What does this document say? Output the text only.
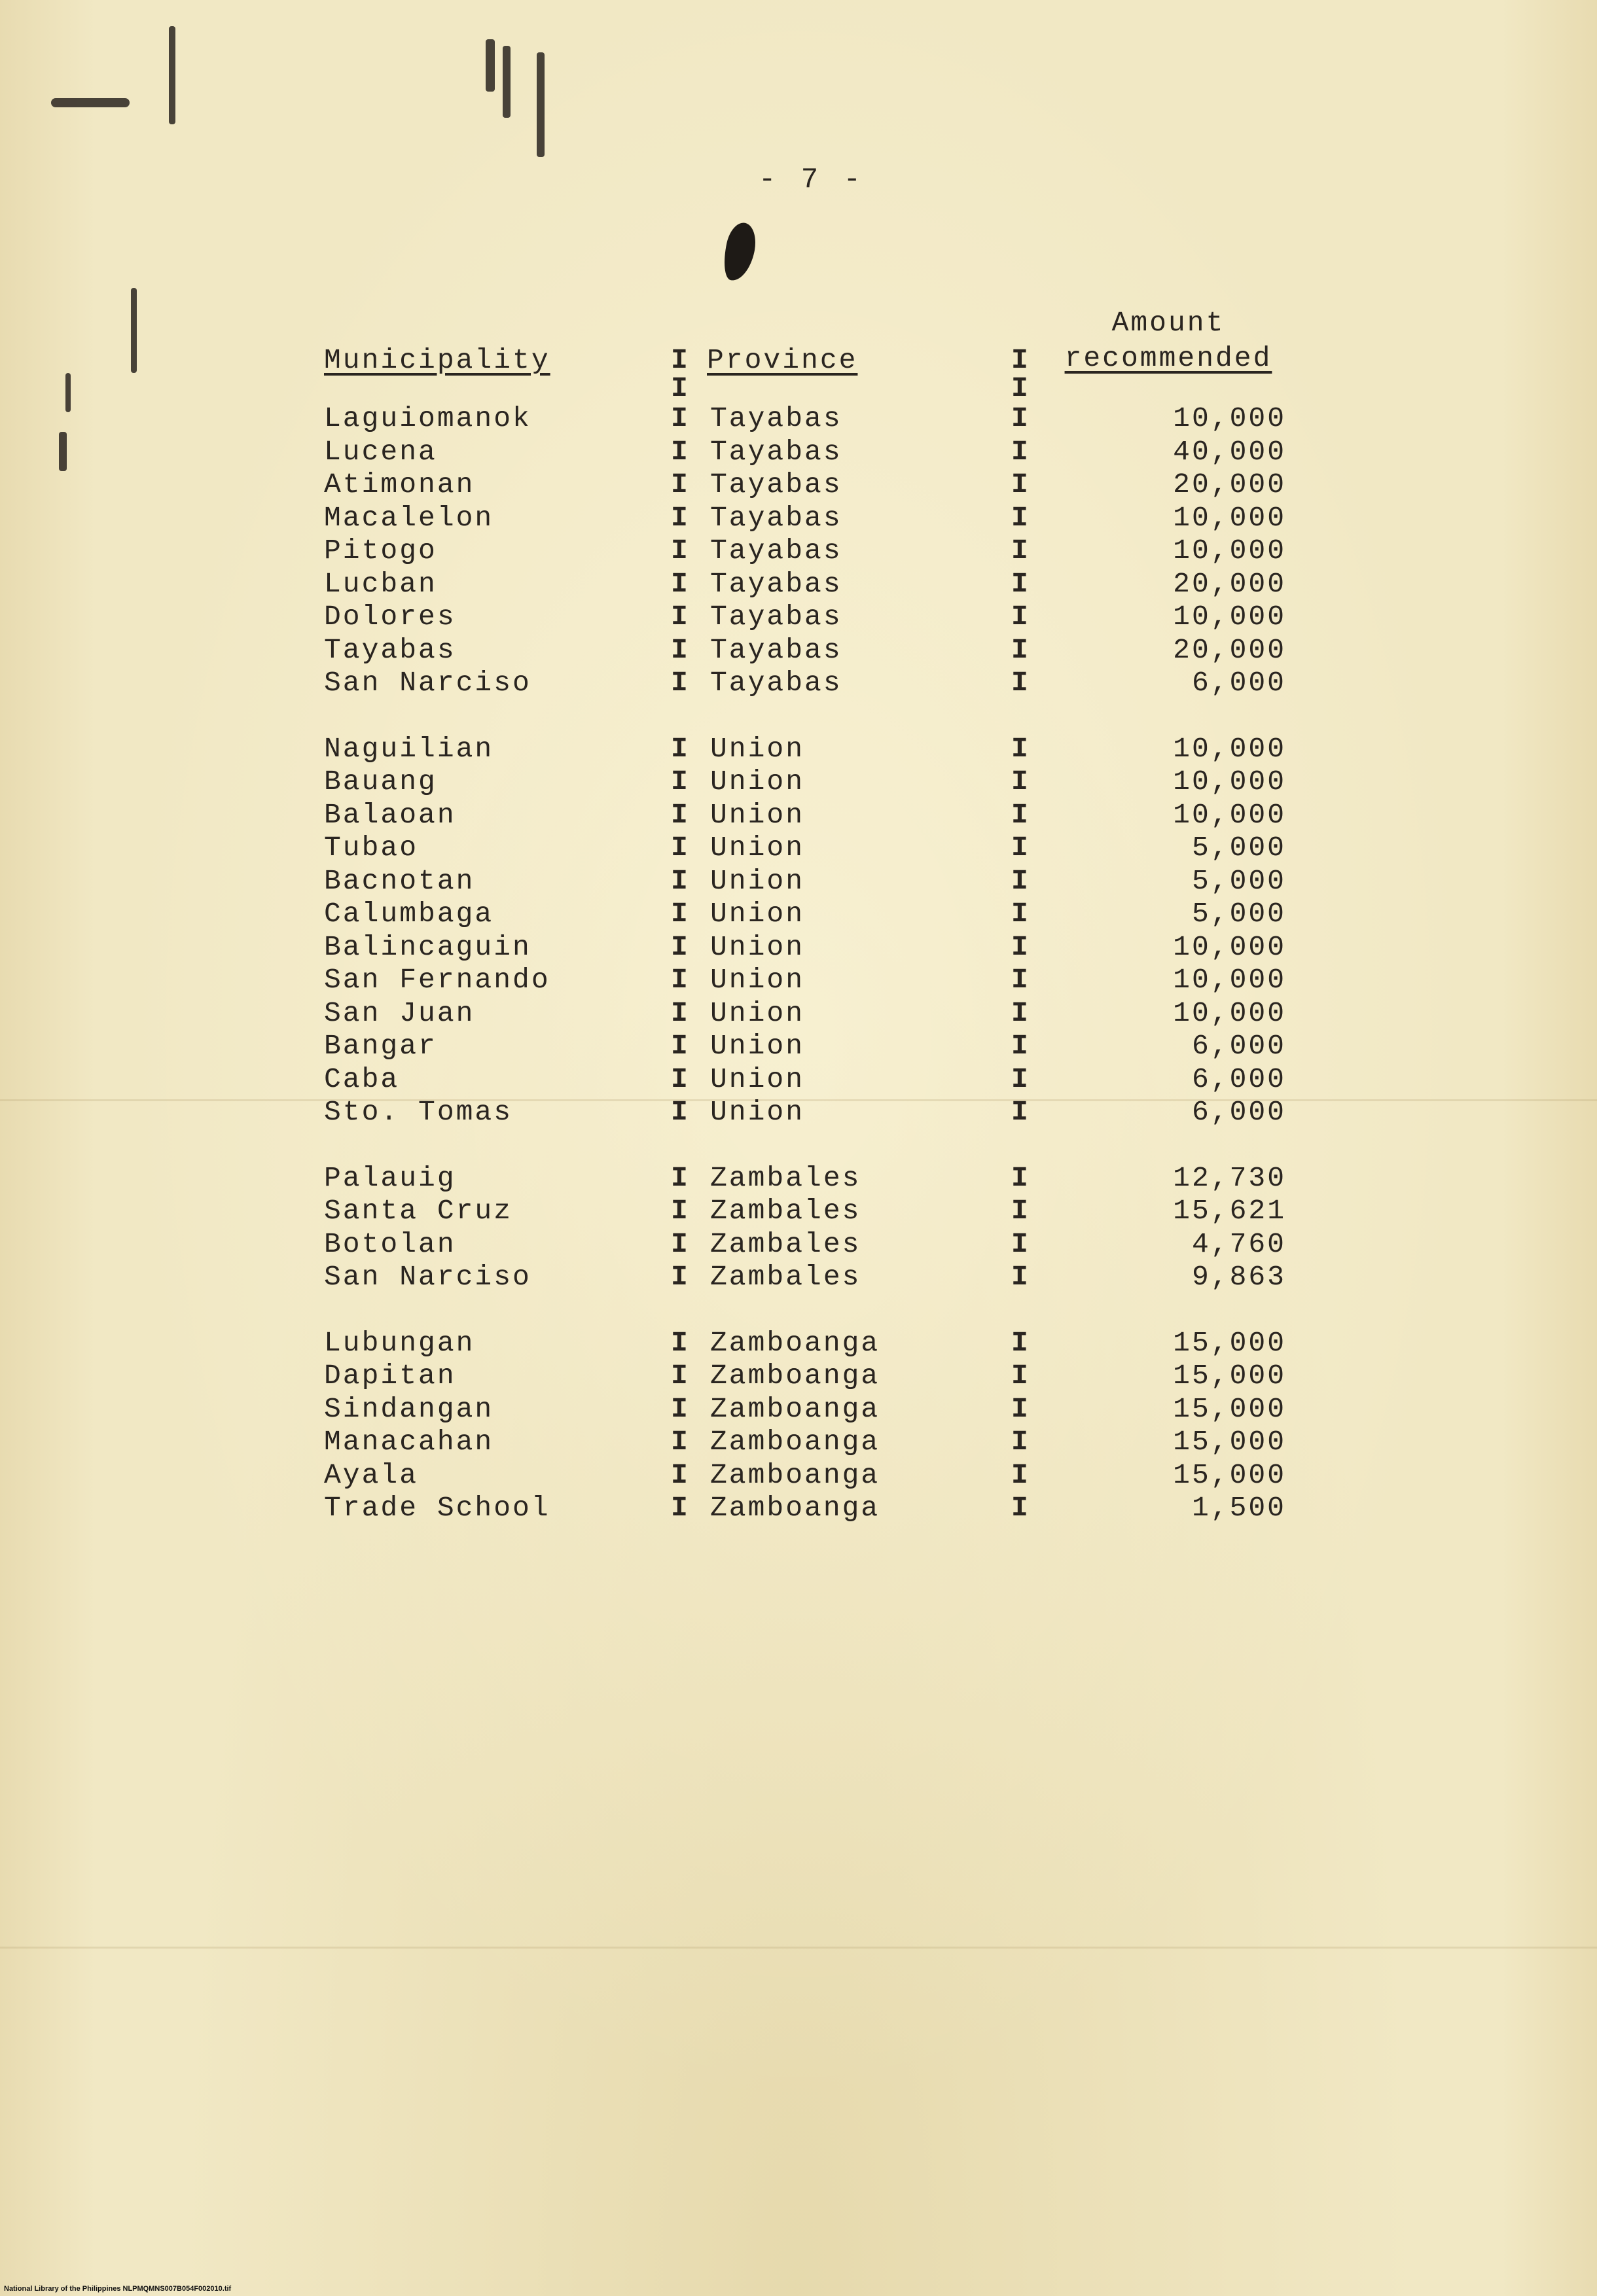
- 7 -
Municipality	I Province	I
Amount
recommended
I	I
Laguiomanok	I Tayabas	I	10,000
Lucena	I Tayabas	I	40,000
Atimonan	I Tayabas	I	20,000
Macalelon	I Tayabas	I	10,000
Pitogo	I Tayabas	I	10,000
Lucban	I Tayabas	I	20,000
Dolores	I Tayabas	I	10,000
Tayabas	I Tayabas	I	20,000
San Narciso	I Tayabas	I	6,000
Naguilian	I Union	I	10,000
Bauang	I Union	I	10,000
Balaoan	I Union	I	10,000
Tubao	I Union	I	5,000
Bacnotan	I Union	I	5,000
Calumbaga	I Union	I	5,000
Balincaguin	I Union	I	10,000
San Fernando	I Union	I	10,000
San Juan	I Union	I	10,000
Bangar	I Union	I	6,000
Caba	I Union	I	6,000
Sto. Tomas	I Union	I	6,000
Palauig	I Zambales	I	12,730
Santa Cruz	I Zambales	I	15,621
Botolan	I Zambales	I	4,760
San Narciso	I Zambales	I	9,863
Lubungan	I Zamboanga	I	15,000
Dapitan	I Zamboanga	I	15,000
Sindangan	I Zamboanga	I	15,000
Manacahan	I Zamboanga	I	15,000
Ayala	I Zamboanga	I	15,000
Trade School	I Zamboanga	I	1,500
National Library of the Philippines NLPMQMNS007B054F002010.tif
